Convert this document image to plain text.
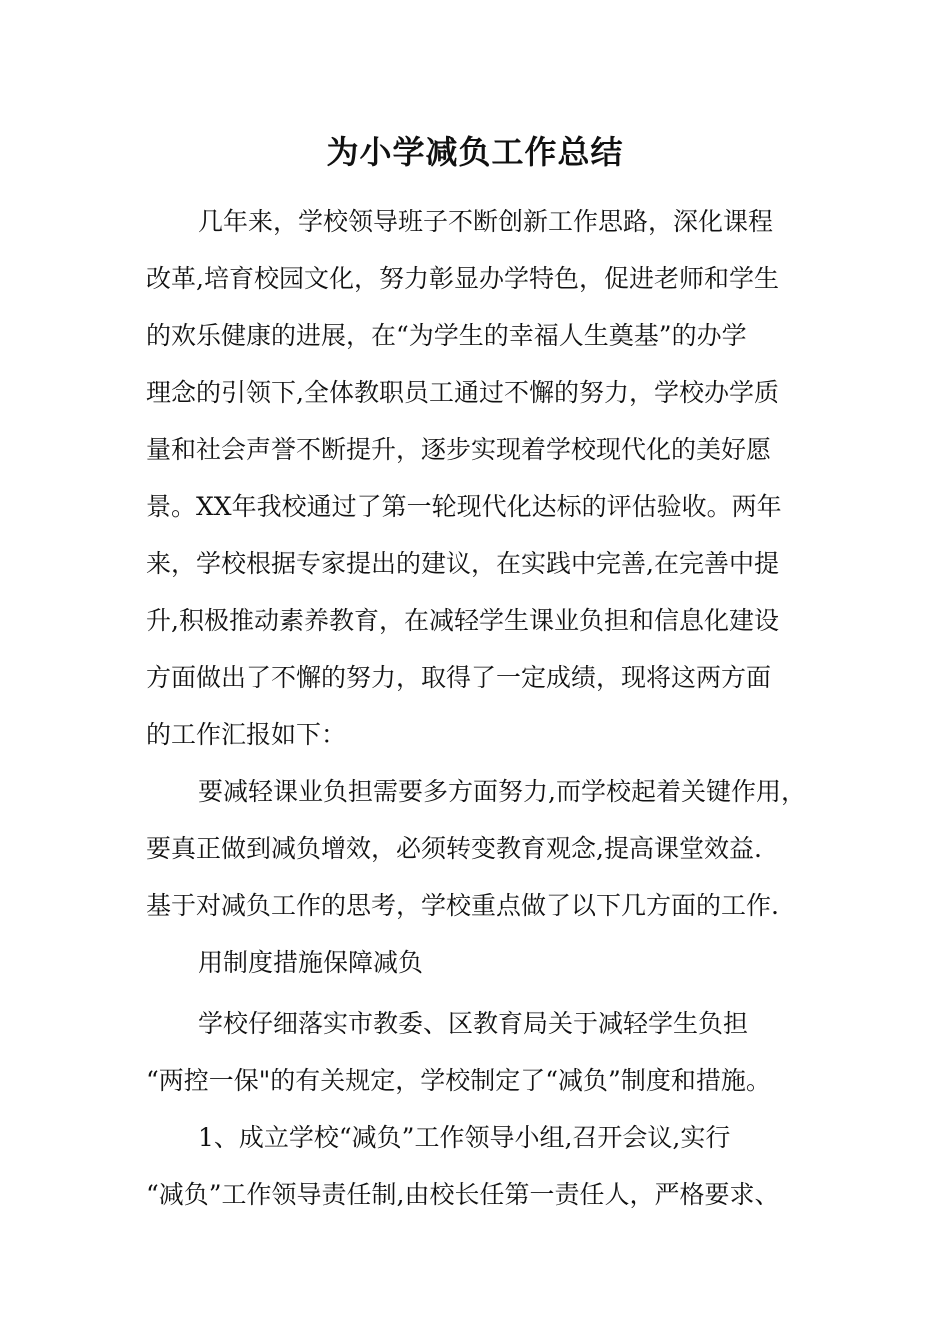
为小学减负工作总结
几年来，学校领导班子不断创新工作思路，深化课程
改革,培育校园文化，努力彰显办学特色，促进老师和学生
的欢乐健康的进展，在“为学生的幸福人生奠基”的办学
理念的引领下,全体教职员工通过不懈的努力，学校办学质
量和社会声誉不断提升，逐步实现着学校现代化的美好愿
景。XX年我校通过了第一轮现代化达标的评估验收。两年
来，学校根据专家提出的建议，在实践中完善,在完善中提
升,积极推动素养教育，在减轻学生课业负担和信息化建设
方面做出了不懈的努力，取得了一定成绩，现将这两方面
的工作汇报如下：
要减轻课业负担需要多方面努力,而学校起着关键作用，
要真正做到减负增效，必须转变教育观念,提高课堂效益.
基于对减负工作的思考，学校重点做了以下几方面的工作.
用制度措施保障减负
学校仔细落实市教委、区教育局关于减轻学生负担
“两控一保"的有关规定，学校制定了“减负”制度和措施。
1、成立学校“减负”工作领导小组,召开会议,实行
“减负”工作领导责任制,由校长任第一责任人，严格要求、
